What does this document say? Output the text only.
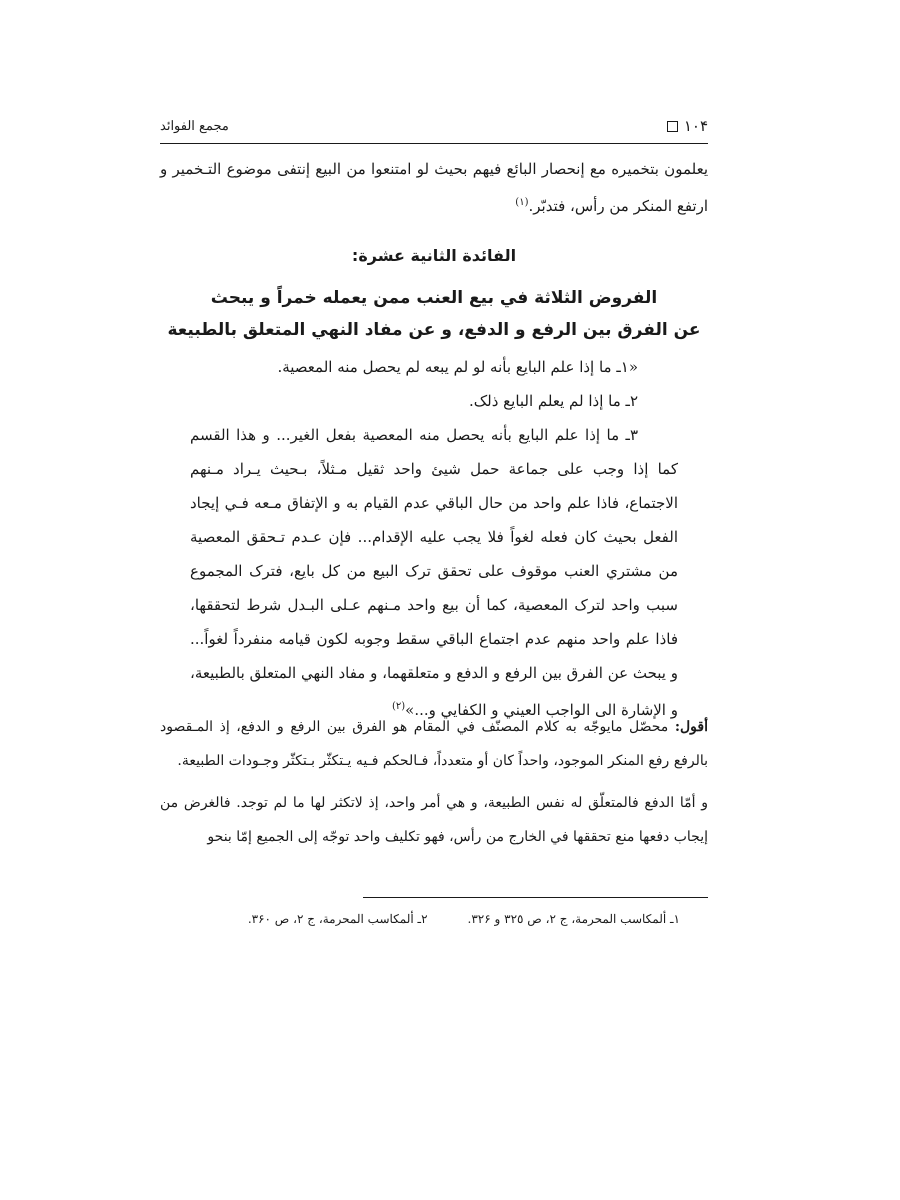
١٠۴
مجمع الفوائد
يعلمون بتخميره مع إنحصار البائع فيهم بحيث لو امتنعوا من البيع إنتفى موضوع التـخمير و ارتفع المنكر من رأس، فتدبّر.$^{(١)}$
الفائدة الثانية عشرة:
الفروض الثلاثة في بيع العنب ممن يعمله خمراً و يبحث
عن الفرق بين الرفع و الدفع، و عن مفاد النهي المتعلق بالطبيعة

«١ـ ما إذا علم البايع بأنه لو لم يبعه لم يحصل منه المعصية.

٢ـ ما إذا لم يعلم البايع ذلک.

٣ـ ما إذا علم البايع بأنه يحصل منه المعصية بفعل الغير... و هذا القسم كما إذا وجب على جماعة حمل شيئ واحد ثقيل مـثلاً، بـحيث يـراد مـنهم الاجتماع، فاذا علم واحد من حال الباقي عدم القيام به و الإتفاق مـعه فـي إيجاد الفعل بحيث كان فعله لغواً فلا يجب عليه الإقدام... فإن عـدم تـحقق المعصية من مشتري العنب موقوف على تحقق ترک البيع من كل بايع، فترک المجموع سبب واحد لترک المعصية، كما أن بيع واحد مـنهم عـلى البـدل شرط لتحققها، فاذا علم واحد منهم عدم اجتماع الباقي سقط وجوبه لكون قيامه منفرداً لغواً... و يبحث عن الفرق بين الرفع و الدفع و متعلقهما، و مفاد النهي المتعلق بالطبيعة، و الإشارة الى الواجب العيني و الكفايي و...»$^{(٢)}$

أقول: محصّل مايوجّه به كلام المصنّف في المقام هو الفرق بين الرفع و الدفع، إذ المـقصود بالرفع رفع المنكر الموجود، واحداً كان أو متعدداً، فـالحكم فـيه يـتكثّر بـتكثّر وجـودات الطبيعة.

و أمّا الدفع فالمتعلّق له نفس الطبيعة، و هي أمر واحد، إذ لاتكثر لها ما لم توجد. فالغرض من إيجاب دفعها منع تحققها في الخارج من رأس، فهو تكليف واحد توجّه إلى الجميع إمّا بنحو

١ـ ألمكاسب المحرمة، ج ٢، ص ٣٢٥ و ٣٢۶.
٢ـ ألمكاسب المحرمة، ج ٢، ص ٣۶٠.
